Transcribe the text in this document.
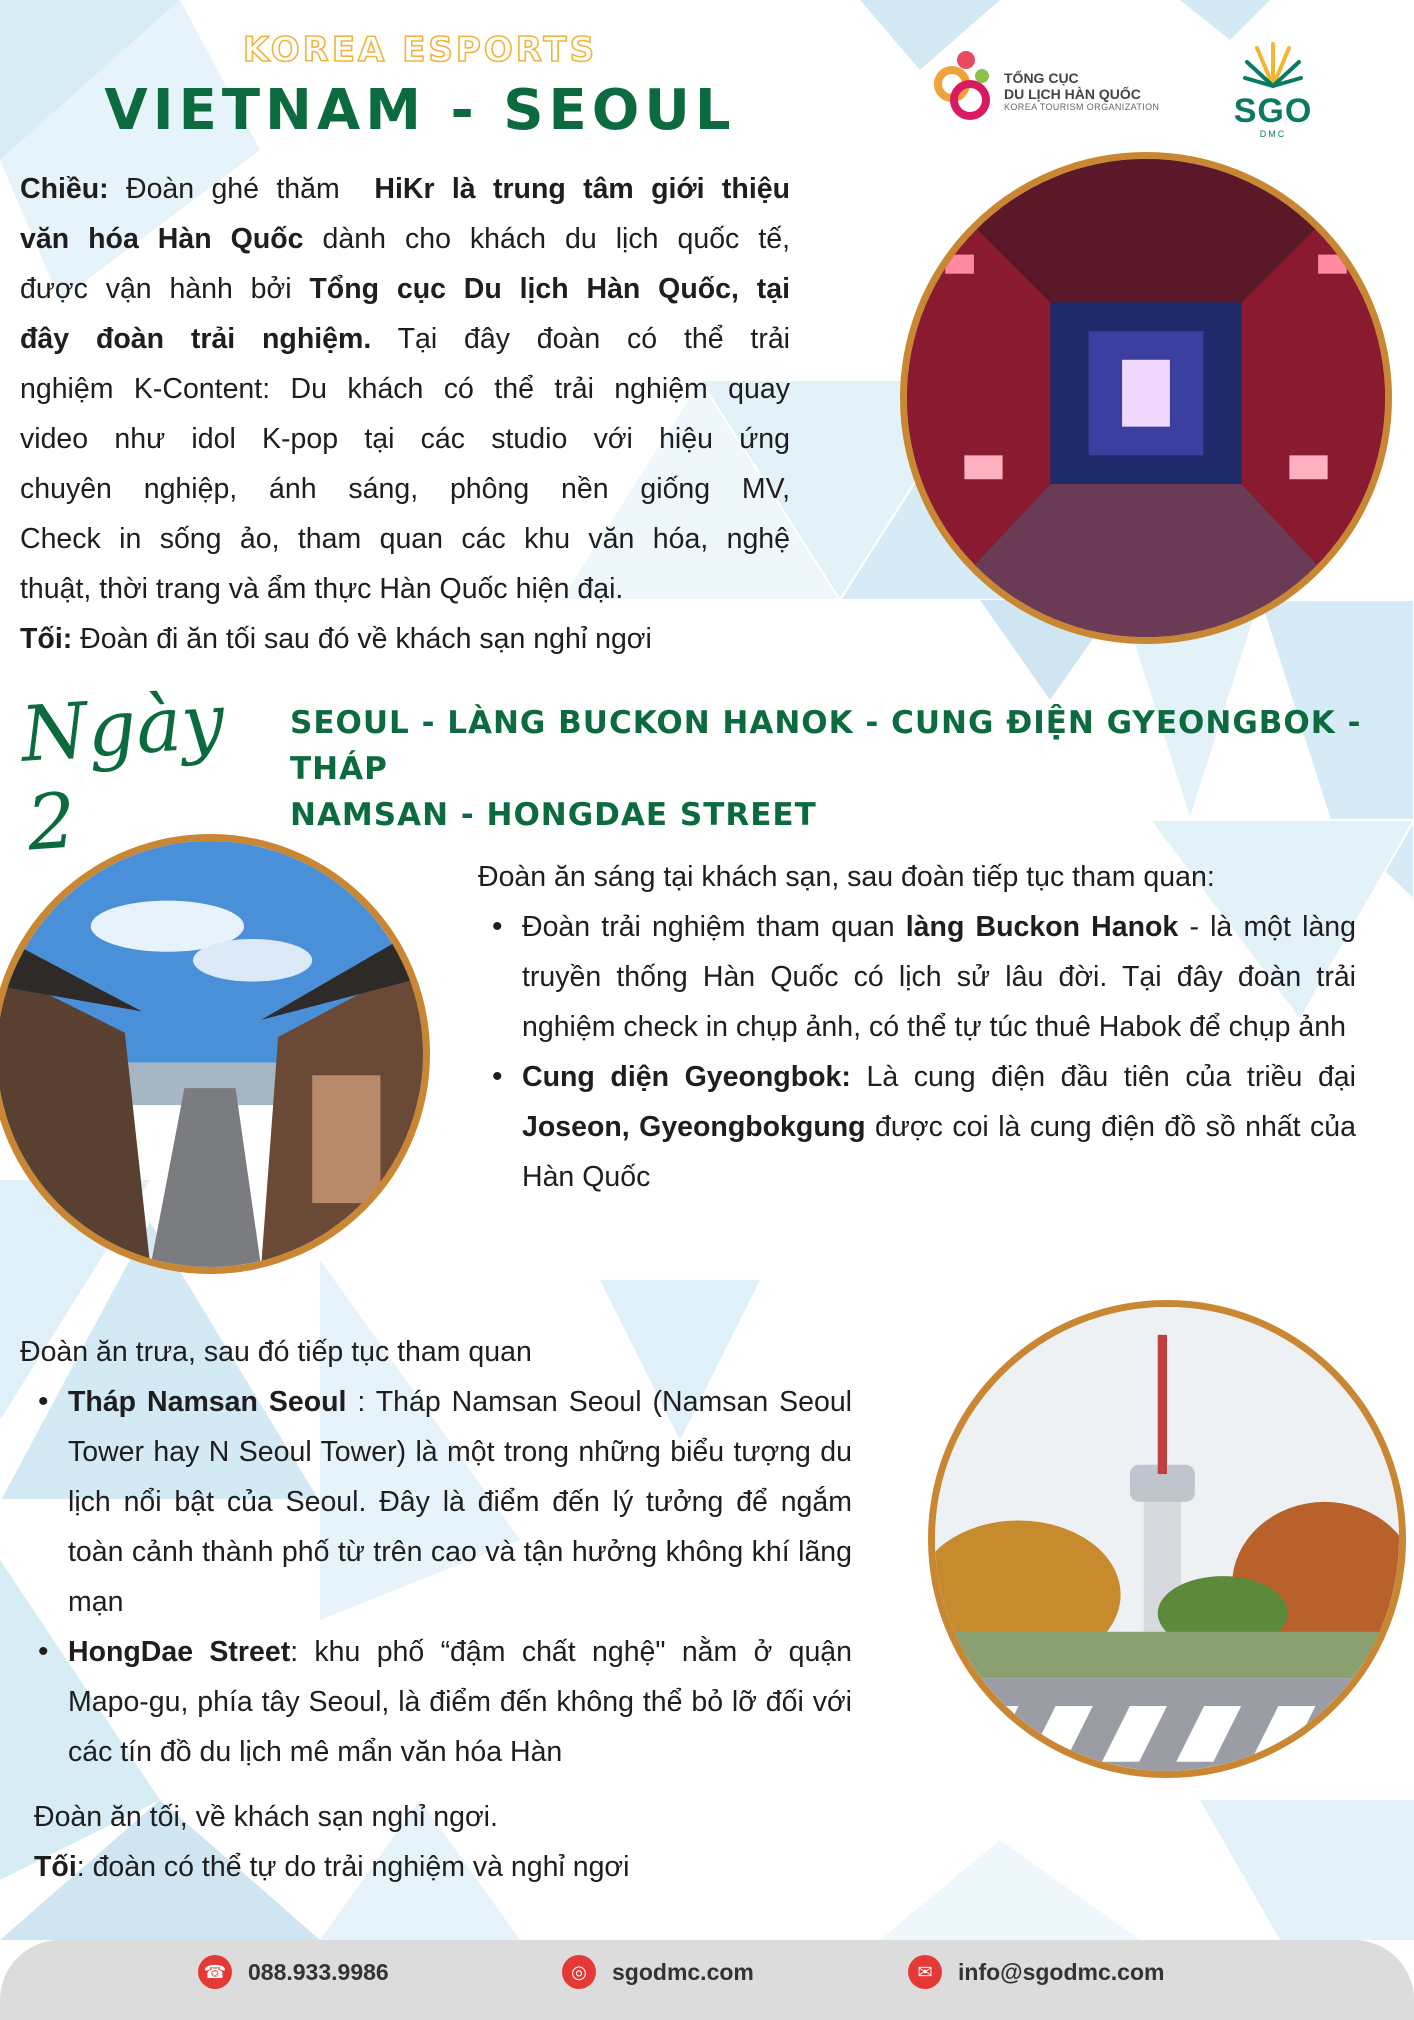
KOREA ESPORTS
VIETNAM - SEOUL	TỔNG CỤC
DU LỊCH HÀN QUỐC
KOREA TOURISM ORGANIZATION SGO
DMC
Chiều: Đoàn ghé thăm HiKr là trung tâm giới thiệu
văn hóa Hàn Quốc dành cho khách du lịch quốc tế,
được vận hành bởi Tổng cục Du lịch Hàn Quốc, tại
đây đoàn trải nghiệm. Tại đây đoàn có thể trải
nghiệm K-Content: Du khách có thể trải nghiệm quay
video như idol K-pop tại các studio với hiệu ứng
chuyên nghiệp, ánh sáng, phông nền giống MV,
Check in sống ảo, tham quan các khu văn hóa, nghệ
thuật, thời trang và ẩm thực Hàn Quốc hiện đại.
Tối: Đoàn đi ăn tối sau đó về khách sạn nghỉ ngơi
Ngày 2
SEOUL - LÀNG BUCKON HANOK - CUNG ĐIỆN GYEONGBOK - THÁP
NAMSAN - HONGDAE STREET
Đoàn ăn sáng tại khách sạn, sau đoàn tiếp tục tham quan:
• Đoàn trải nghiệm tham quan làng Buckon Hanok - là một làng truyền thống Hàn Quốc có lịch sử lâu đời. Tại đây đoàn trải nghiệm check in chụp ảnh, có thể tự túc thuê Habok để chụp ảnh
• Cung diện Gyeongbok: Là cung điện đầu tiên của triều đại Joseon, Gyeongbokgung được coi là cung điện đồ sồ nhất của Hàn Quốc
Đoàn ăn trưa, sau đó tiếp tục tham quan
• Tháp Namsan Seoul : Tháp Namsan Seoul (Namsan Seoul Tower hay N Seoul Tower) là một trong những biểu tượng du lịch nổi bật của Seoul. Đây là điểm đến lý tưởng để ngắm toàn cảnh thành phố từ trên cao và tận hưởng không khí lãng mạn
• HongDae Street: khu phố “đậm chất nghệ" nằm ở quận Mapo-gu, phía tây Seoul, là điểm đến không thể bỏ lỡ đối với các tín đồ du lịch mê mẩn văn hóa Hàn
Đoàn ăn tối, về khách sạn nghỉ ngơi.
Tối: đoàn có thể tự do trải nghiệm và nghỉ ngơi
☎ 088.933.9986	◎	sgodmc.com	✉	info@sgodmc.com
